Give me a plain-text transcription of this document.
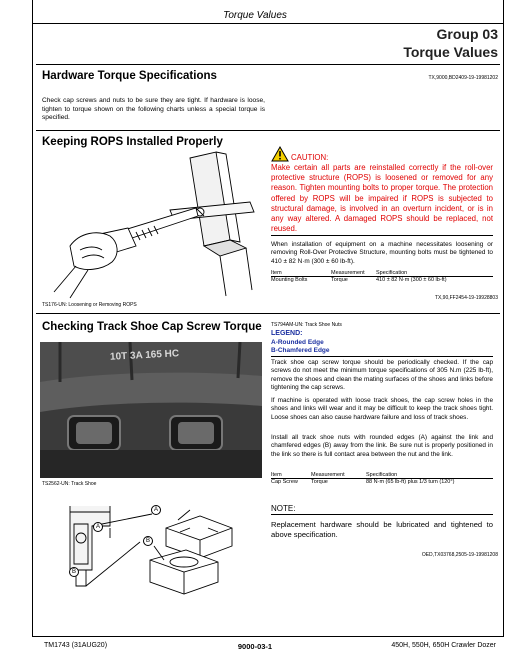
Torque Values
Group 03
Torque Values
Hardware Torque Specifications	TX,9000,BD2409-19-19981202
Check cap screws and nuts to be sure they are tight. If hardware is loose, tighten to torque shown on the following charts unless a special torque is specified.
Keeping ROPS Installed Properly
TS176-UN: Loosening or Removing ROPS
CAUTION:
Make certain all parts are reinstalled correctly if the roll-over protective structure (ROPS) is loosened or removed for any reason. Tighten mounting bolts to proper torque. The protection offered by ROPS will be impaired if ROPS is subjected to structural damage, is involved in an overturn incident, or is in any way altered. A damaged ROPS should be replaced, not reused.
When installation of equipment on a machine necessitates loosening or removing Roll-Over Protective Structure, mounting bolts must be tightened to 410 ± 82 N·m (300 ± 60 lb-ft).
Item	Measurement	Specification
Mounting Bolts	Torque	410 ± 82 N·m (300 ± 60 lb-ft)
TX,90,FF2454-19-19928803
Checking Track Shoe Cap Screw Torque TS794AM-UN: Track Shoe Nuts
LEGEND:
A-Rounded Edge
B-Chamfered Edge
10T 3A 165 HC
TS2562-UN: Track Shoe
Track shoe cap screw torque should be periodically checked. If the cap screws do not meet the minimum torque specifications of 305 N.m (225 lb-ft), remove the shoes and clean the mating surfaces of the shoes and links before tightening the cap screws.
If machine is operated with loose track shoes, the cap screw holes in the shoes and links will wear and it may be difficult to keep the track shoes tight. Loose shoes can also cause hardware failure and loss of track shoes.
Install all track shoe nuts with rounded edges (A) against the link and chamfered edges (B) away from the link. Be sure nut is properly positioned in the link so there is full contact area between the nut and the link.
Item	Measurement	Specification
Cap Screw	Torque	88 N·m (65 lb-ft) plus 1/3 turn (120°)
A
B
A
B
NOTE:
Replacement hardware should be lubricated and tightened to above specification.
OED,TX03768,2505-19-19981208
TM1743 (31AUG20)	9000-03-1	450H, 550H, 650H Crawler Dozer
